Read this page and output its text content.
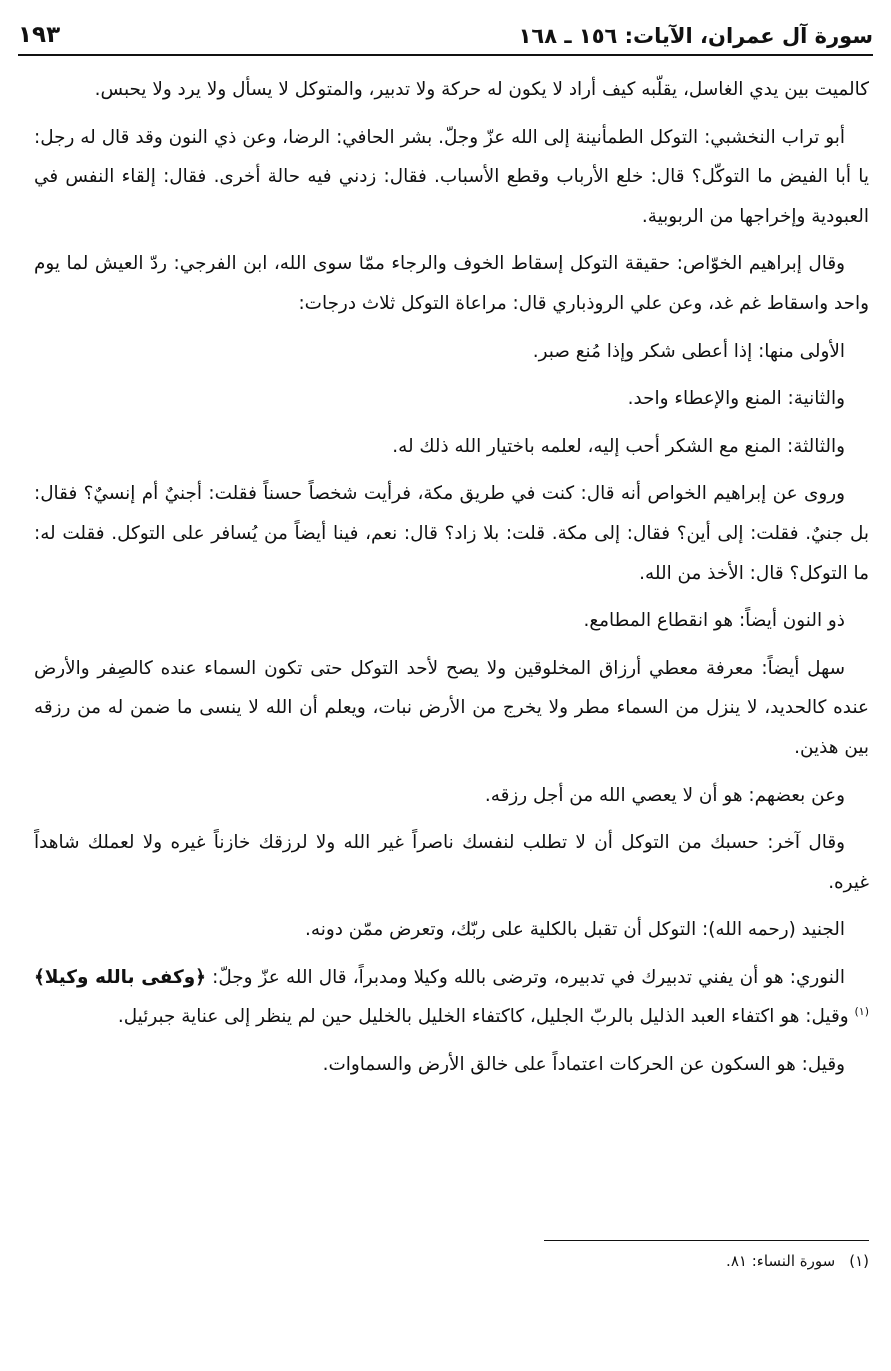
سورة آل عمران، الآيات: ١٥٦ ـ ١٦٨
١٩٣

كالميت بين يدي الغاسل، يقلّبه كيف أراد لا يكون له حركة ولا تدبير، والمتوكل لا يسأل ولا يرد ولا يحبس.

أبو تراب النخشبي: التوكل الطمأنينة إلى الله عزّ وجلّ. بشر الحافي: الرضا، وعن ذي النون وقد قال له رجل: يا أبا الفيض ما التوكّل؟ قال: خلع الأرباب وقطع الأسباب. فقال: زدني فيه حالة أخرى. فقال: إلقاء النفس في العبودية وإخراجها من الربوبية.

وقال إبراهيم الخوّاص: حقيقة التوكل إسقاط الخوف والرجاء ممّا سوى الله، ابن الفرجي: ردّ العيش لما يوم واحد واسقاط غم غد، وعن علي الروذباري قال: مراعاة التوكل ثلاث درجات:

الأولى منها: إذا أعطى شكر وإذا مُنع صبر.

والثانية: المنع والإعطاء واحد.

والثالثة: المنع مع الشكر أحب إليه، لعلمه باختيار الله ذلك له.

وروى عن إبراهيم الخواص أنه قال: كنت في طريق مكة، فرأيت شخصاً حسناً فقلت: أجنيٌ أم إنسيٌ؟ فقال: بل جنيٌ. فقلت: إلى أين؟ فقال: إلى مكة. قلت: بلا زاد؟ قال: نعم، فينا أيضاً من يُسافر على التوكل. فقلت له: ما التوكل؟ قال: الأخذ من الله.

ذو النون أيضاً: هو انقطاع المطامع.

سهل أيضاً: معرفة معطي أرزاق المخلوقين ولا يصح لأحد التوكل حتى تكون السماء عنده كالصِفر والأرض عنده كالحديد، لا ينزل من السماء مطر ولا يخرج من الأرض نبات، ويعلم أن الله لا ينسى ما ضمن له من رزقه بين هذين.

وعن بعضهم: هو أن لا يعصي الله من أجل رزقه.

وقال آخر: حسبك من التوكل أن لا تطلب لنفسك ناصراً غير الله ولا لرزقك خازناً غيره ولا لعملك شاهداً غيره.

الجنيد (رحمه الله): التوكل أن تقبل بالكلية على ربّك، وتعرض ممّن دونه.

النوري: هو أن يفني تدبيرك في تدبيره، وترضى بالله وكيلا ومدبراً، قال الله عزّ وجلّ: ﴿وكفى بالله وكيلا﴾$^{(١)}$ وقيل: هو اكتفاء العبد الذليل بالربّ الجليل، كاكتفاء الخليل بالخليل حين لم ينظر إلى عناية جبرئيل.

وقيل: هو السكون عن الحركات اعتماداً على خالق الأرض والسماوات.

(١)سورة النساء: ٨١.
